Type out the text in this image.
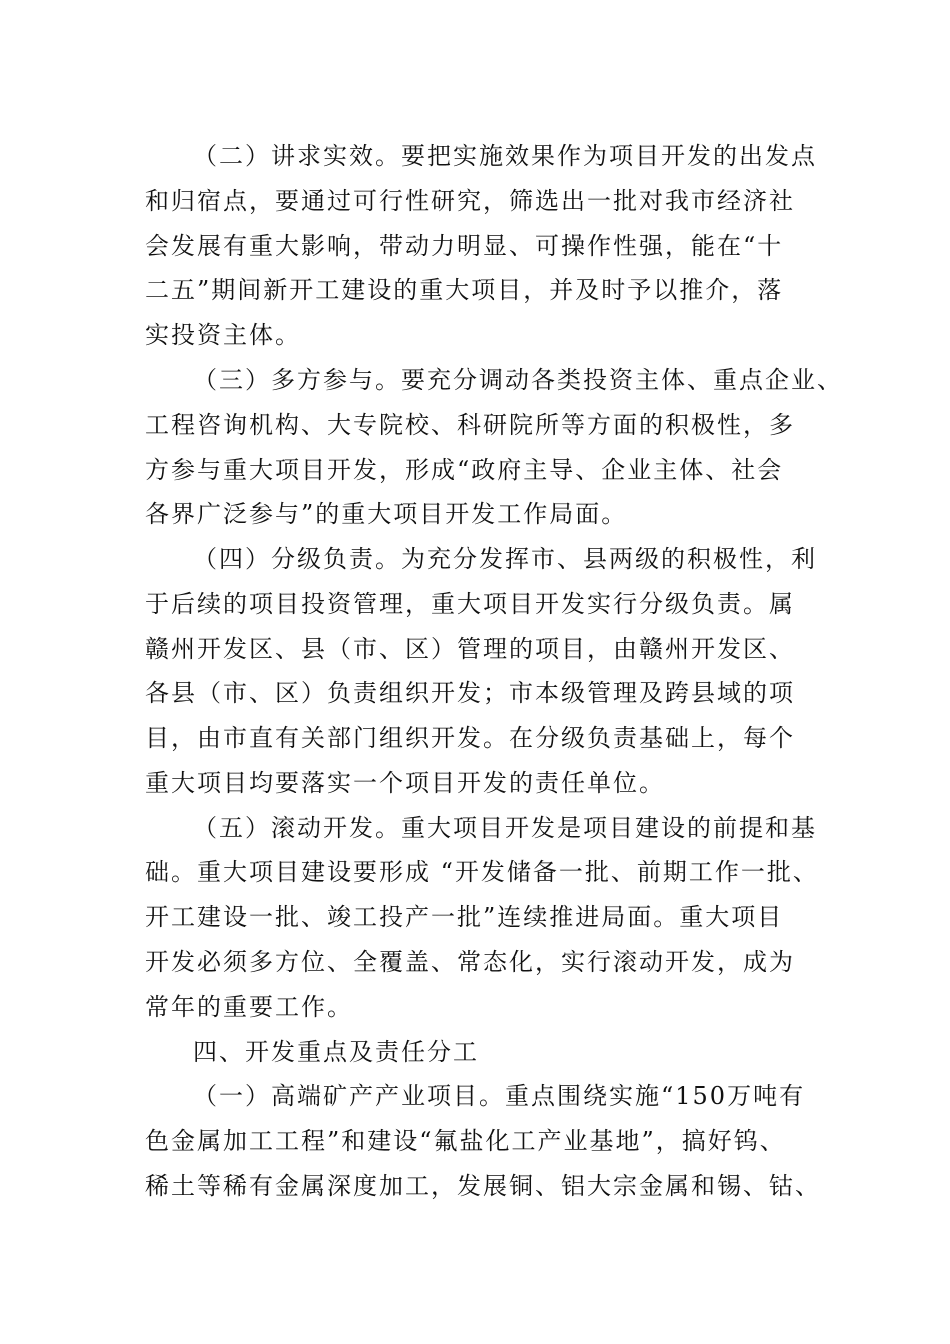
（二）讲求实效。要把实施效果作为项目开发的出发点
和归宿点，要通过可行性研究，筛选出一批对我市经济社
会发展有重大影响，带动力明显、可操作性强，能在“十
二五”期间新开工建设的重大项目，并及时予以推介，落
实投资主体。
（三）多方参与。要充分调动各类投资主体、重点企业、
工程咨询机构、大专院校、科研院所等方面的积极性，多
方参与重大项目开发，形成“政府主导、企业主体、社会
各界广泛参与”的重大项目开发工作局面。
（四）分级负责。为充分发挥市、县两级的积极性，利
于后续的项目投资管理，重大项目开发实行分级负责。属
赣州开发区、县（市、区）管理的项目，由赣州开发区、
各县（市、区）负责组织开发；市本级管理及跨县域的项
目，由市直有关部门组织开发。在分级负责基础上，每个
重大项目均要落实一个项目开发的责任单位。
（五）滚动开发。重大项目开发是项目建设的前提和基
础。重大项目建设要形成 “开发储备一批、前期工作一批、
开工建设一批、竣工投产一批”连续推进局面。重大项目
开发必须多方位、全覆盖、常态化，实行滚动开发，成为
常年的重要工作。
四、开发重点及责任分工
（一）高端矿产产业项目。重点围绕实施“150万吨有
色金属加工工程”和建设“氟盐化工产业基地”，搞好钨、
稀土等稀有金属深度加工，发展铜、铝大宗金属和锡、钴、
